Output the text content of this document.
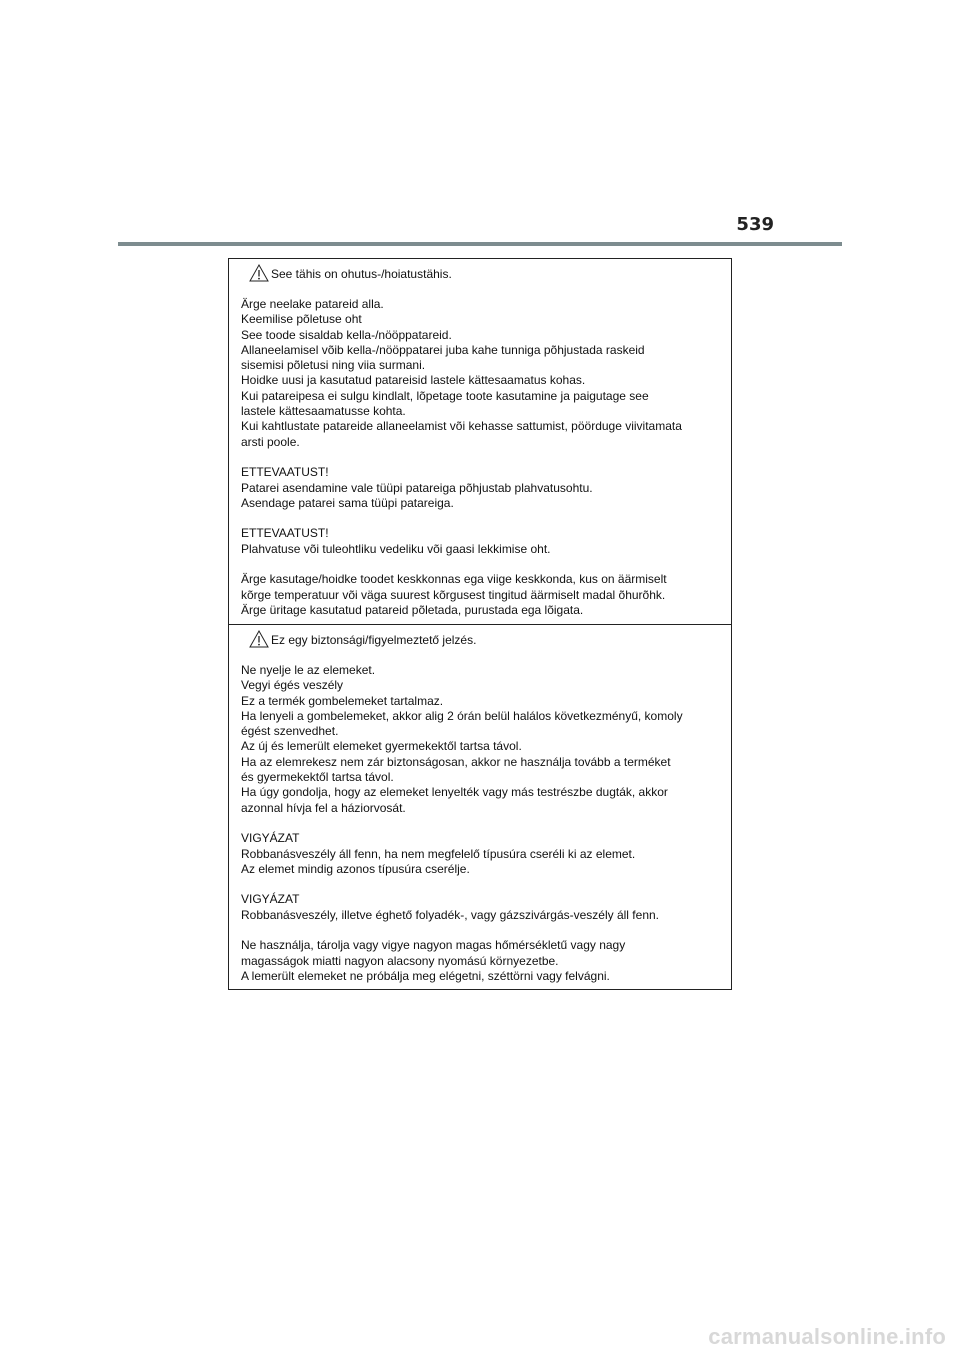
539
See tähis on ohutus-/hoiatustähis.

Ärge neelake patareid alla.

Keemilise põletuse oht

See toode sisaldab kella-/nööppatareid.

Allaneelamisel võib kella-/nööppatarei juba kahe tunniga põhjustada raskeid

sisemisi põletusi ning viia surmani.

Hoidke uusi ja kasutatud patareisid lastele kättesaamatus kohas.

Kui patareipesa ei sulgu kindlalt, lõpetage toote kasutamine ja paigutage see

lastele kättesaamatusse kohta.

Kui kahtlustate patareide allaneelamist või kehasse sattumist, pöörduge viivitamata

arsti poole.

ETTEVAATUST!

Patarei asendamine vale tüüpi patareiga põhjustab plahvatusohtu.

Asendage patarei sama tüüpi patareiga.

ETTEVAATUST!

Plahvatuse või tuleohtliku vedeliku või gaasi lekkimise oht.

Ärge kasutage/hoidke toodet keskkonnas ega viige keskkonda, kus on äärmiselt

kõrge temperatuur või väga suurest kõrgusest tingitud äärmiselt madal õhurõhk.

Ärge üritage kasutatud patareid põletada, purustada ega lõigata.

Ez egy biztonsági/figyelmeztető jelzés.

Ne nyelje le az elemeket.

Vegyi égés veszély

Ez a termék gombelemeket tartalmaz.

Ha lenyeli a gombelemeket, akkor alig 2 órán belül halálos következményű, komoly

égést szenvedhet.

Az új és lemerült elemeket gyermekektől tartsa távol.

Ha az elemrekesz nem zár biztonságosan, akkor ne használja tovább a terméket

és gyermekektől tartsa távol.

Ha úgy gondolja, hogy az elemeket lenyelték vagy más testrészbe dugták, akkor

azonnal hívja fel a háziorvosát.

VIGYÁZAT

Robbanásveszély áll fenn, ha nem megfelelő típusúra cseréli ki az elemet.

Az elemet mindig azonos típusúra cserélje.

VIGYÁZAT

Robbanásveszély, illetve éghető folyadék-, vagy gázszivárgás-veszély áll fenn.

Ne használja, tárolja vagy vigye nagyon magas hőmérsékletű vagy nagy

magasságok miatti nagyon alacsony nyomású környezetbe.

A lemerült elemeket ne próbálja meg elégetni, széttörni vagy felvágni.

carmanualsonline.info
